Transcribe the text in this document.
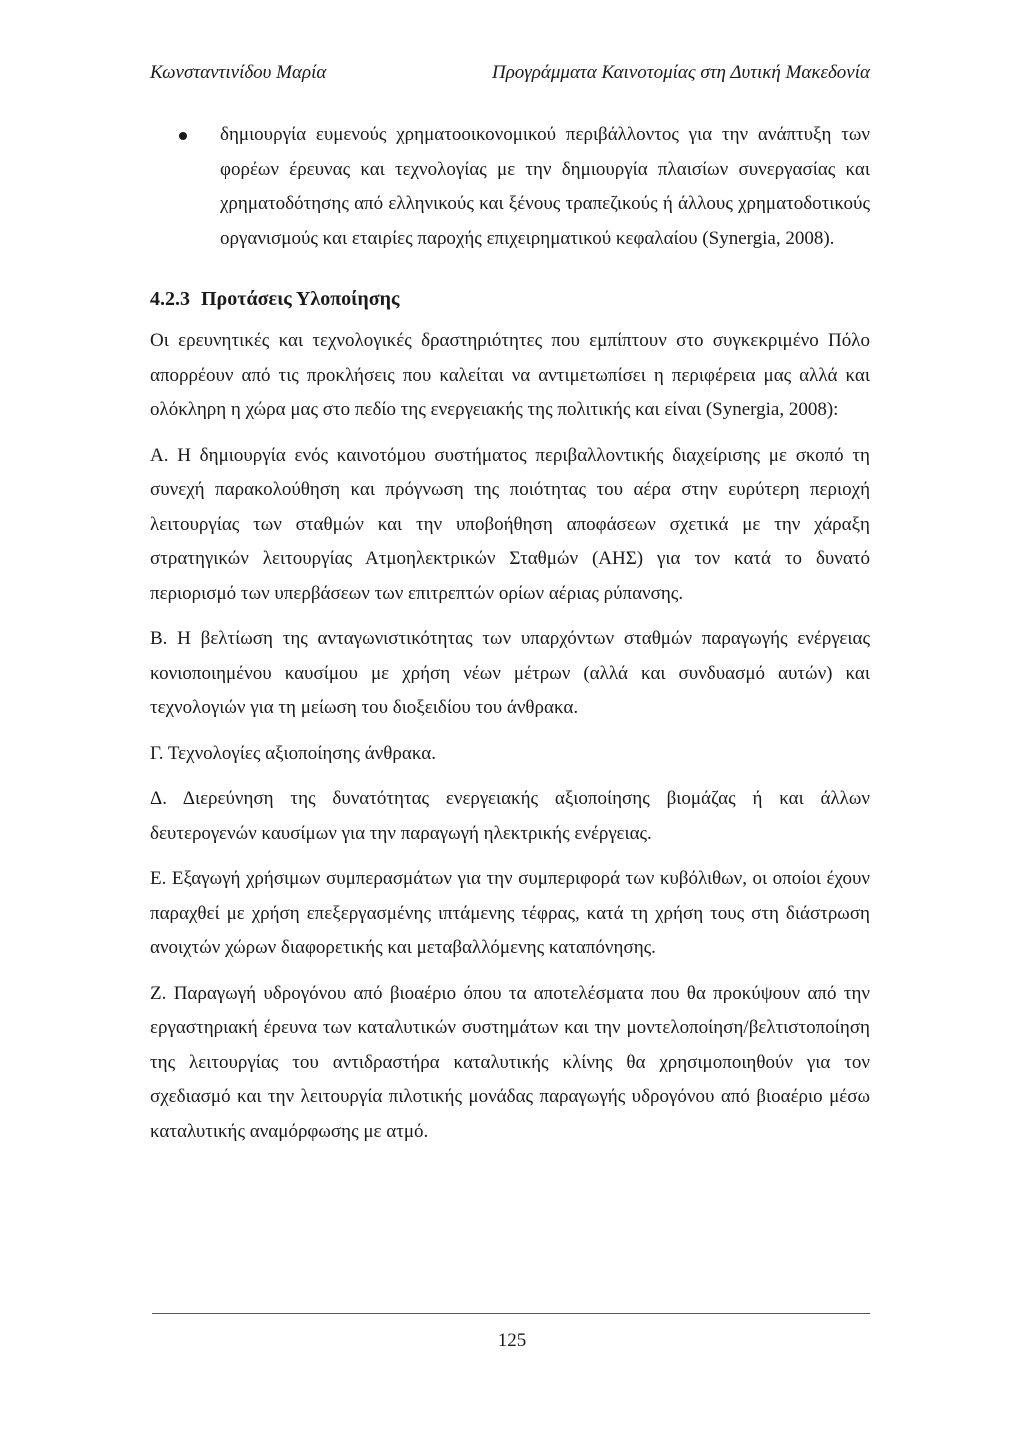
Κωνσταντινίδου Μαρία	Προγράμματα Καινοτομίας στη Δυτική Μακεδονία
δημιουργία ευμενούς χρηματοοικονομικού περιβάλλοντος για την ανάπτυξη των φορέων έρευνας και τεχνολογίας με την δημιουργία πλαισίων συνεργασίας και χρηματοδότησης από ελληνικούς και ξένους τραπεζικούς ή άλλους χρηματοδοτικούς οργανισμούς και εταιρίες παροχής επιχειρηματικού κεφαλαίου (Synergia, 2008).
4.2.3 Προτάσεις Υλοποίησης

Οι ερευνητικές και τεχνολογικές δραστηριότητες που εμπίπτουν στο συγκεκριμένο Πόλο απορρέουν από τις προκλήσεις που καλείται να αντιμετωπίσει η περιφέρεια μας αλλά και ολόκληρη η χώρα μας στο πεδίο της ενεργειακής της πολιτικής και είναι (Synergia, 2008):

Α. Η δημιουργία ενός καινοτόμου συστήματος περιβαλλοντικής διαχείρισης με σκοπό τη συνεχή παρακολούθηση και πρόγνωση της ποιότητας του αέρα στην ευρύτερη περιοχή λειτουργίας των σταθμών και την υποβοήθηση αποφάσεων σχετικά με την χάραξη στρατηγικών λειτουργίας Ατμοηλεκτρικών Σταθμών (ΑΗΣ) για τον κατά το δυνατό περιορισμό των υπερβάσεων των επιτρεπτών ορίων αέριας ρύπανσης.

Β. Η βελτίωση της ανταγωνιστικότητας των υπαρχόντων σταθμών παραγωγής ενέργειας κονιοποιημένου καυσίμου με χρήση νέων μέτρων (αλλά και συνδυασμό αυτών) και τεχνολογιών για τη μείωση του διοξειδίου του άνθρακα.

Γ. Τεχνολογίες αξιοποίησης άνθρακα.

Δ. Διερεύνηση της δυνατότητας ενεργειακής αξιοποίησης βιομάζας ή και άλλων δευτερογενών καυσίμων για την παραγωγή ηλεκτρικής ενέργειας.

Ε. Εξαγωγή χρήσιμων συμπερασμάτων για την συμπεριφορά των κυβόλιθων, οι οποίοι έχουν παραχθεί με χρήση επεξεργασμένης ιπτάμενης τέφρας, κατά τη χρήση τους στη διάστρωση ανοιχτών χώρων διαφορετικής και μεταβαλλόμενης καταπόνησης.

Ζ. Παραγωγή υδρογόνου από βιοαέριο όπου τα αποτελέσματα που θα προκύψουν από την εργαστηριακή έρευνα των καταλυτικών συστημάτων και την μοντελοποίηση/βελτιστοποίηση της λειτουργίας του αντιδραστήρα καταλυτικής κλίνης θα χρησιμοποιηθούν για τον σχεδιασμό και την λειτουργία πιλοτικής μονάδας παραγωγής υδρογόνου από βιοαέριο μέσω καταλυτικής αναμόρφωσης με ατμό.

125
